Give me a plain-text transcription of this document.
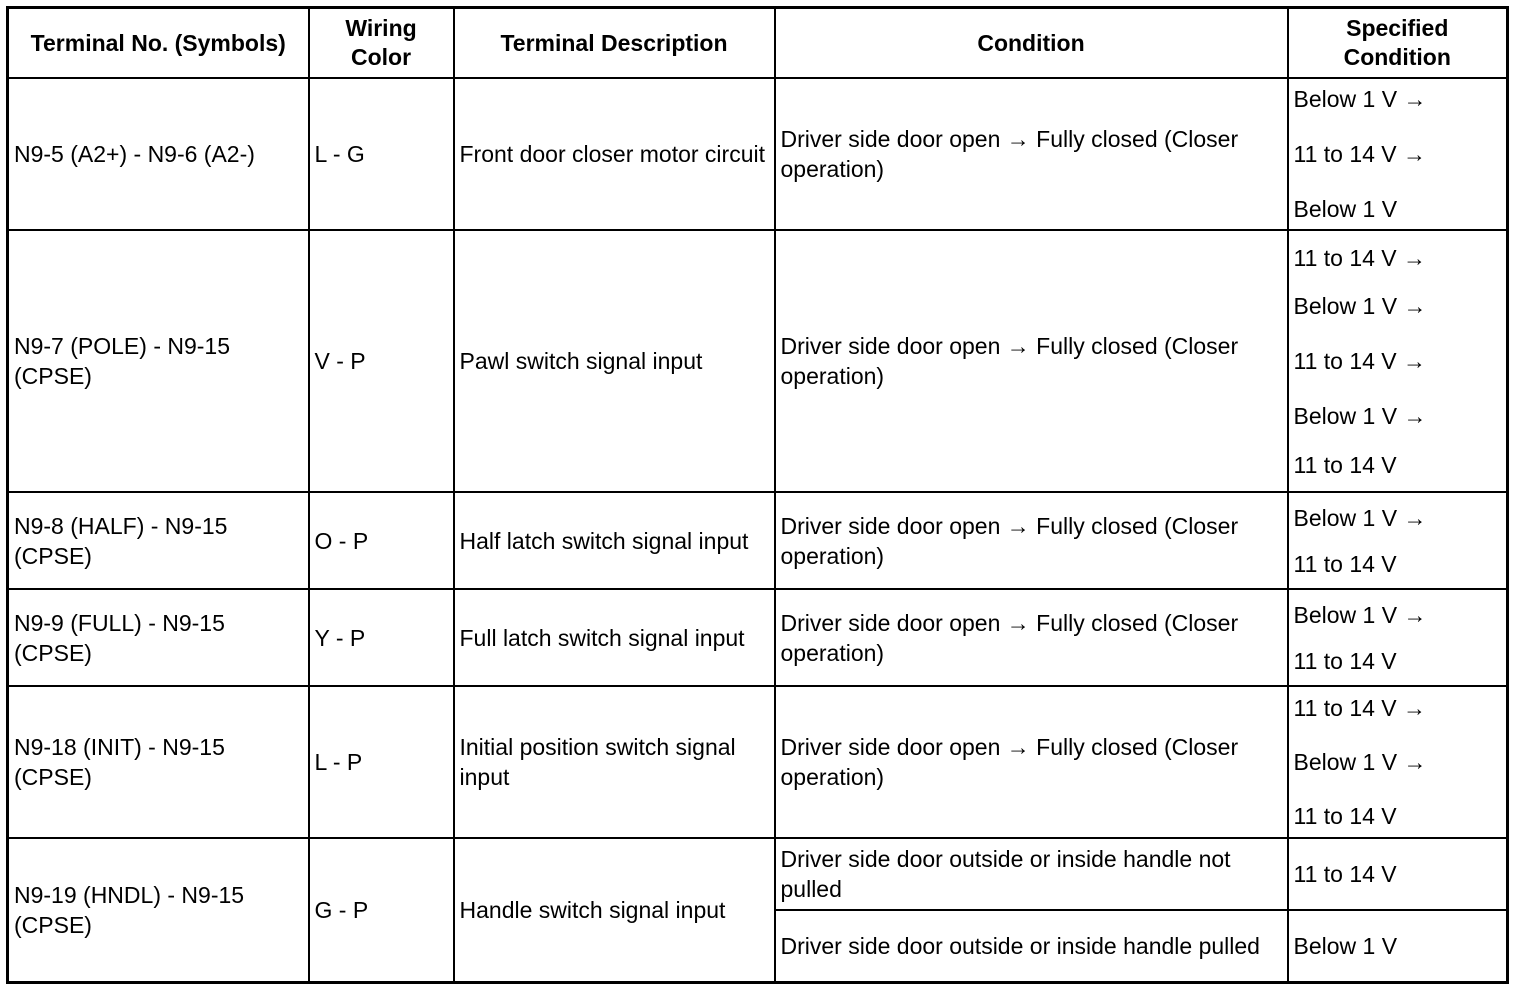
Terminal No. (Symbols)	Wiring Color	Terminal Description	Condition	Specified Condition
N9-5 (A2+) - N9-6 (A2-)	L - G	Front door closer motor circuit	Driver side door open → Fully closed (Closer operation)	Below 1 V →
11 to 14 V →
Below 1 V

N9-7 (POLE) - N9-15 (CPSE)	V - P	Pawl switch signal input	Driver side door open → Fully closed (Closer operation)	11 to 14 V →
Below 1 V →
11 to 14 V →
Below 1 V →
11 to 14 V

N9-8 (HALF) - N9-15 (CPSE)	O - P	Half latch switch signal input	Driver side door open → Fully closed (Closer operation)	Below 1 V →
11 to 14 V

N9-9 (FULL) - N9-15 (CPSE)	Y - P	Full latch switch signal input	Driver side door open → Fully closed (Closer operation)	Below 1 V →
11 to 14 V

N9-18 (INIT) - N9-15 (CPSE)	L - P	Initial position switch signal input	Driver side door open → Fully closed (Closer operation)	11 to 14 V →
Below 1 V →
11 to 14 V

N9-19 (HNDL) - N9-15 (CPSE)	G - P	Handle switch signal input	Driver side door outside or inside handle not pulled	11 to 14 V
			Driver side door outside or inside handle pulled	Below 1 V
